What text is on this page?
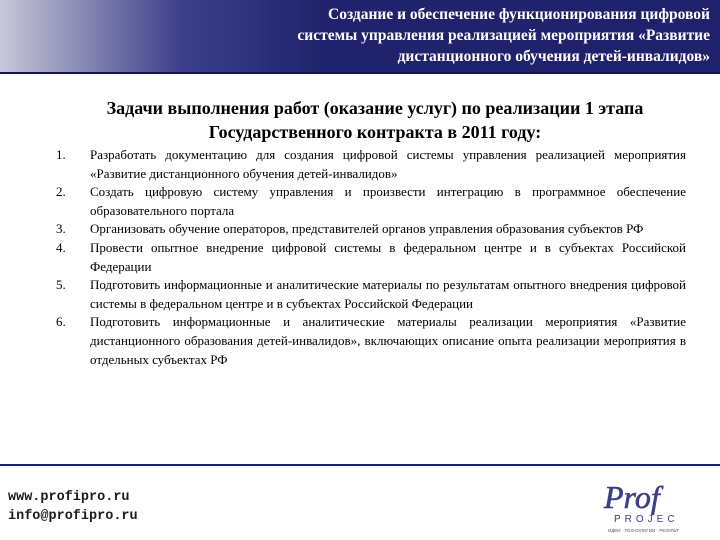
Создание и обеспечение функционирования цифровой
системы управления реализацией мероприятия «Развитие
дистанционного обучения детей-инвалидов»
Задачи выполнения работ (оказание услуг) по реализации 1 этапа
Государственного контракта в 2011 году:
1. Разработать документацию для создания цифровой системы управления реализацией мероприятия «Развитие дистанционного обучения детей-инвалидов»
2. Создать цифровую систему управления и произвести интеграцию в программное обеспечение образовательного портала
3. Организовать обучение операторов, представителей органов управления образования субъектов РФ
4. Провести опытное внедрение цифровой системы в федеральном центре и в субъектах Российской Федерации
5. Подготовить информационные и аналитические материалы по результатам опытного внедрения цифровой системы в федеральном центре и в субъектах Российской Федерации
6. Подготовить информационные и аналитические материалы реализации мероприятия «Развитие дистанционного образования детей-инвалидов», включающих описание опыта реализации мероприятия в отдельных субъектах РФ
www.profipro.ru
info@profipro.ru
Prof
PROJEC
ИДЕИ · ТЕХНОЛОГИИ · РЕЗУЛЬТ
